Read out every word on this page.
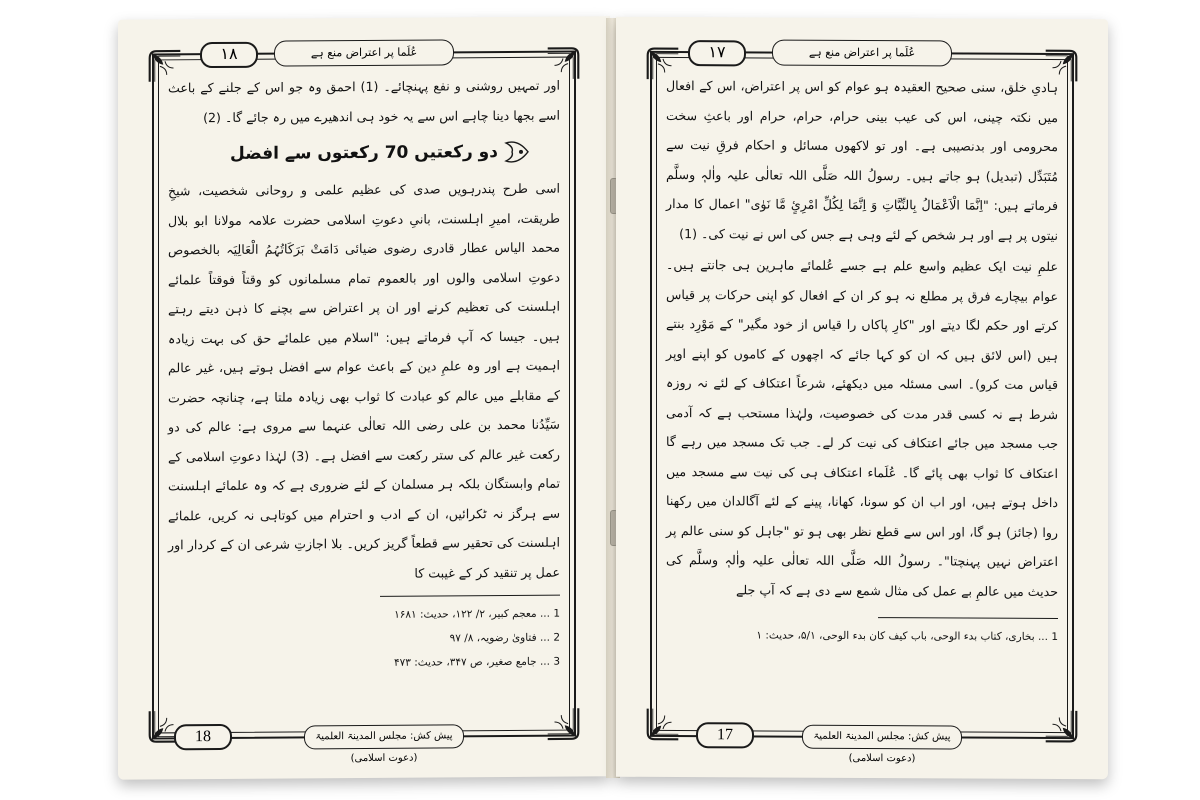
عُلَما پر اعتراض منع ہے
۱۸
18	پیش کش: مجلس المدینۃ العلمیۃ (دعوت اسلامی)

اور تمہیں روشنی و نفع پہنچائے۔ (1) احمق وہ جو اس کے جلنے کے باعث اسے بجھا دینا چاہے اس سے یہ خود ہی اندھیرے میں رہ جائے گا۔ (2)

دو رکعتیں 70 رکعتوں سے افضل

اسی طرح پندرہویں صدی کی عظیم علمی و روحانی شخصیت، شیخِ طریقت، امیرِ اہلسنت، بانیِ دعوتِ اسلامی حضرت علامہ مولانا ابو بلال محمد الیاس عطار قادری رضوی ضیائی دَامَتْ بَرَکَاتُہُمُ الْعَالِیَہ بالخصوص دعوتِ اسلامی والوں اور بالعموم تمام مسلمانوں کو وقتاً فوقتاً علمائے اہلسنت کی تعظیم کرنے اور ان پر اعتراض سے بچنے کا ذہن دیتے رہتے ہیں۔ جیسا کہ آپ فرماتے ہیں: "اسلام میں علمائے حق کی بہت زیادہ اہمیت ہے اور وہ علمِ دین کے باعث عوام سے افضل ہوتے ہیں، غیر عالم کے مقابلے میں عالم کو عبادت کا ثواب بھی زیادہ ملتا ہے، چنانچہ حضرت سَیِّدُنا محمد بن علی رضی اللہ تعالٰی عنہما سے مروی ہے: عالم کی دو رکعت غیر عالم کی ستر رکعت سے افضل ہے۔ (3) لہٰذا دعوتِ اسلامی کے تمام وابستگان بلکہ ہر مسلمان کے لئے ضروری ہے کہ وہ علمائے اہلسنت سے ہرگز نہ ٹکرائیں، ان کے ادب و احترام میں کوتاہی نہ کریں، علمائے اہلسنت کی تحقیر سے قطعاً گریز کریں۔ بلا اجازتِ شرعی ان کے کردار اور عمل پر تنقید کر کے غیبت کا

1 ... معجم کبیر، ۲/ ۱۲۲، حدیث: ۱۶۸۱

2 ... فتاویٰ رضویہ، ۸/ ۹۷

3 ... جامع صغیر، ص ۳۴۷، حدیث: ۴۷۳

عُلَما پر اعتراض منع ہے
۱۷
17	پیش کش: مجلس المدینۃ العلمیۃ (دعوت اسلامی)

ہادیِ خلق، سنی صحیح العقیدہ ہو عوام کو اس پر اعتراض، اس کے افعال میں نکتہ چینی، اس کی عیب بینی حرام، حرام، حرام اور باعثِ سخت محرومی اور بدنصیبی ہے۔ اور تو لاکھوں مسائل و احکام فرقِ نیت سے مُتَبَدِّل (تبدیل) ہو جاتے ہیں۔ رسولُ اللہ صَلَّی اللہ تعالٰی علیہ واٰلہٖ وسلَّم فرماتے ہیں: "اِنَّمَا الْاَعْمَالُ بِالنِّیَّاتِ وَ اِنَّمَا لِکُلِّ امْرِئٍ مَّا نَوٰی" اعمال کا مدار نیتوں پر ہے اور ہر شخص کے لئے وہی ہے جس کی اس نے نیت کی۔ (1)

علمِ نیت ایک عظیم واسع علم ہے جسے عُلمائے ماہرین ہی جانتے ہیں۔ عوام بیچارے فرق پر مطلع نہ ہو کر ان کے افعال کو اپنی حرکات پر قیاس کرتے اور حکم لگا دیتے اور "کارِ پاکاں را قیاس از خود مگیر" کے مَوْرِد بنتے ہیں (اس لائق ہیں کہ ان کو کہا جائے کہ اچھوں کے کاموں کو اپنے اوپر قیاس مت کرو)۔ اسی مسئلہ میں دیکھئے، شرعاً اعتکاف کے لئے نہ روزہ شرط ہے نہ کسی قدر مدت کی خصوصیت، ولہٰذا مستحب ہے کہ آدمی جب مسجد میں جائے اعتکاف کی نیت کر لے۔ جب تک مسجد میں رہے گا اعتکاف کا ثواب بھی پائے گا۔ عُلَماء اعتکاف ہی کی نیت سے مسجد میں داخل ہوتے ہیں، اور اب ان کو سونا، کھانا، پینے کے لئے آگالدان میں رکھنا روا (جائز) ہو گا، اور اس سے قطع نظر بھی ہو تو "جاہل کو سنی عالم پر اعتراض نہیں پہنچتا"۔ رسولُ اللہ صَلَّی اللہ تعالٰی علیہ واٰلہٖ وسلَّم کی حدیث میں عالمِ بے عمل کی مثال شمع سے دی ہے کہ آپ جلے

1 ... بخاری، کتاب بدء الوحی، باب کیف کان بدء الوحی، ۵/۱، حدیث: ۱
